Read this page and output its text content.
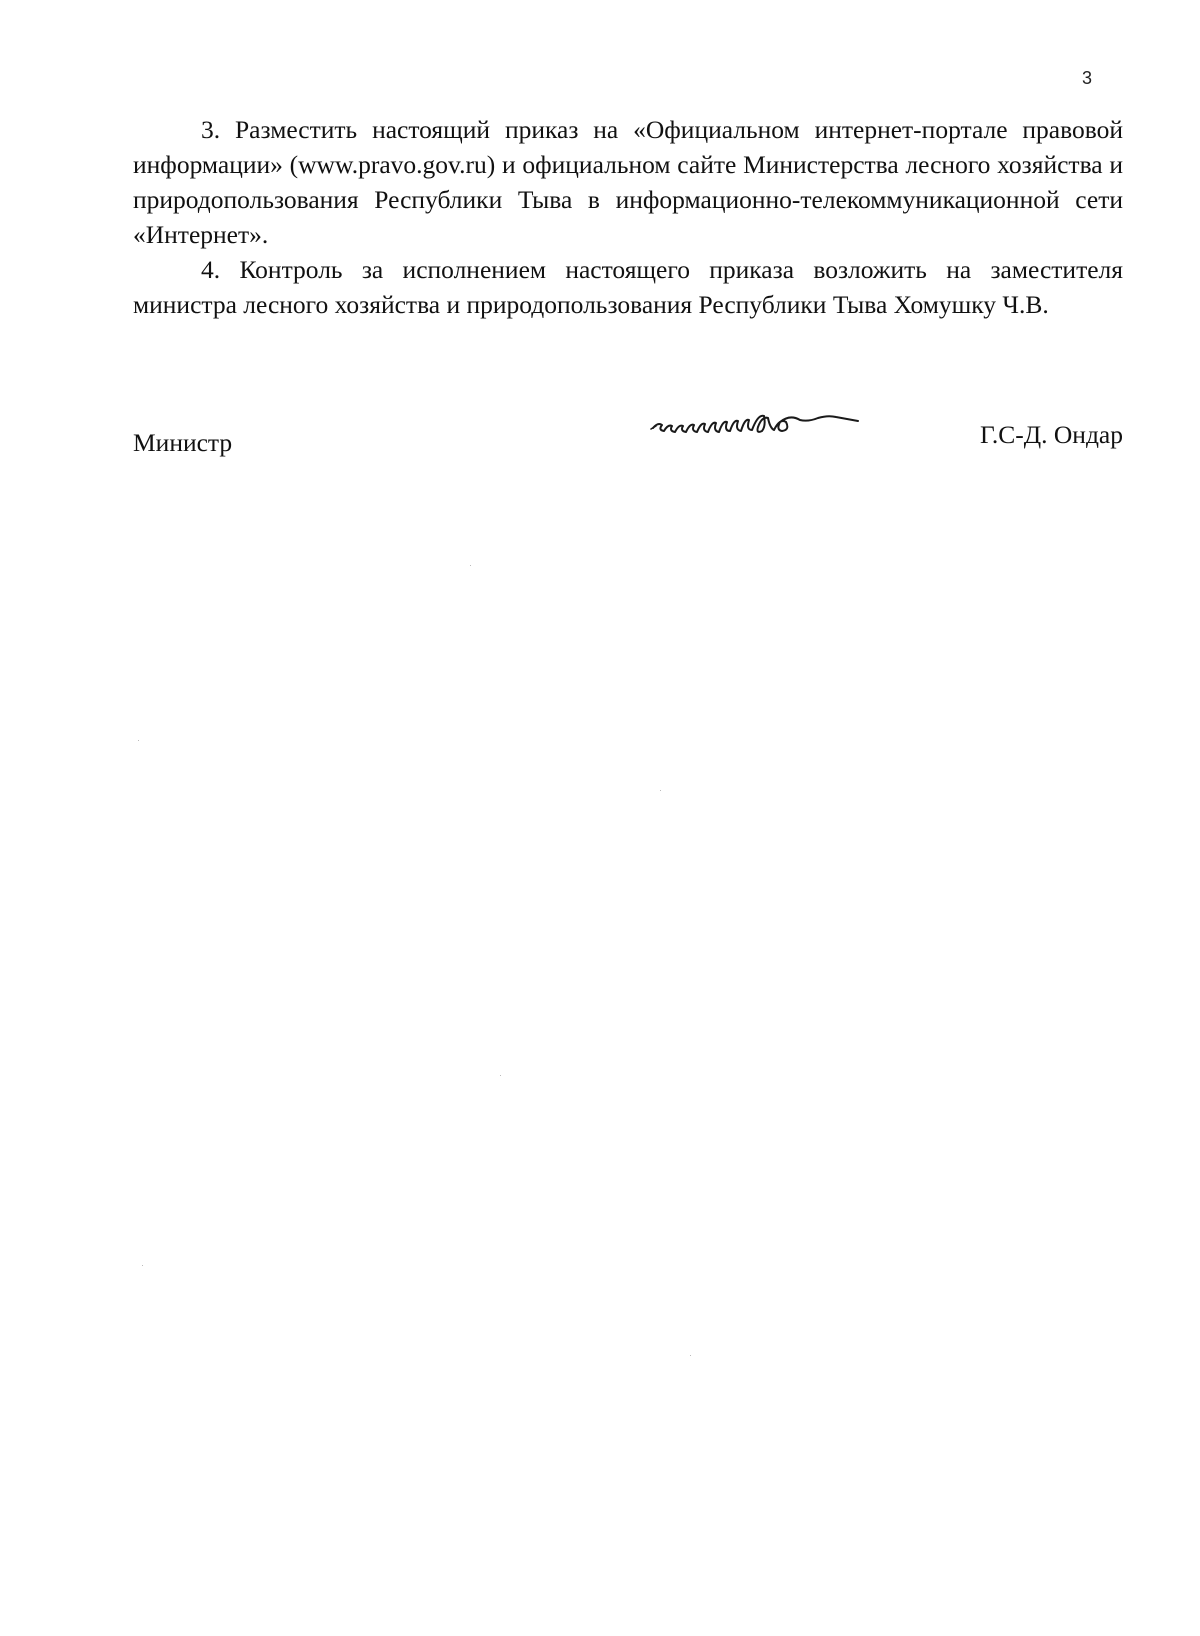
3

3. Разместить настоящий приказ на «Официальном интернет-портале правовой информации» (www.pravo.gov.ru) и официальном сайте Министерства лесного хозяйства и природопользования Республики Тыва в информационно-телекоммуникационной сети «Интернет».

4. Контроль за исполнением настоящего приказа возложить на заместителя министра лесного хозяйства и природопользования Республики Тыва Хомушку Ч.В.

Министр	Г.С-Д. Ондар
